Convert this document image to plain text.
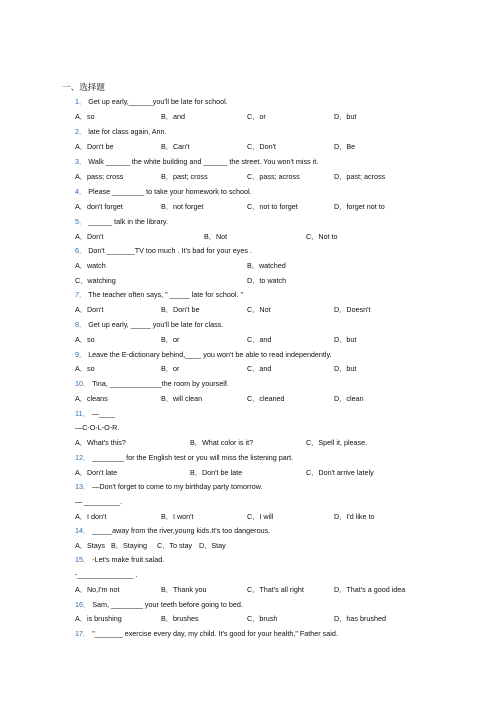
一、选择题
1． Get up early,______you'll be late for school.
A．so	B．and	C．or	D．but
2． late for class again, Ann.
A．Don't be	B．Can't	C．Don't	D．Be
3． Walk ______ the white building and ______ the street. You won't miss it.
A．pass; cross	B．past; cross	C．pass; across	D．past; across
4． Please ________ to take your homework to school.
A．don't forget	B．not forget	C．not to forget	D．forget not to
5． ______ talk in the library.
A．Don't	B．Not	C．Not to
6． Don't _______TV too much . It's bad for your eyes .
A．watch	B．watched
C．watching	D．to watch
7． The teacher often says, " _____ late for school. "
A．Don't	B．Don't be	C．Not	D．Doesn't
8． Get up early, _____ you'll be late for class.
A．so	B．or	C．and	D．but
9． Leave the E-dictionary behind,____ you won't be able to read independently.
A．so	B．or	C．and	D．but
10． Tina, _____________the room by yourself.
A．cleans	B．will clean	C．cleaned	D．clean
11． —____
—C-O-L-O-R.
A．What's this?	B．What color is it?	C．Spell it, please.
12． ________ for the English test or you will miss the listening part.
A．Don't late	B．Don't be late	C．Don't arrive lately
13． —Don't forget to come to my birthday party tomorrow.
— _________.
A．I don't	B．I won't	C．I will	D．I'd like to
14． _____away from the river,young kids.It's too dangerous.
A．Stays B．Staying C．To stay D．Stay
15． -Let's make fruit salad.
-______________ .
A．No,I'm not	B．Thank you	C．That's all right	D．That's a good idea
16． Sam, ________ your teeth before going to bed.
A．is brushing	B．brushes	C．brush	D．has brushed
17． "_______ exercise every day, my child. It's good for your health," Father said.
